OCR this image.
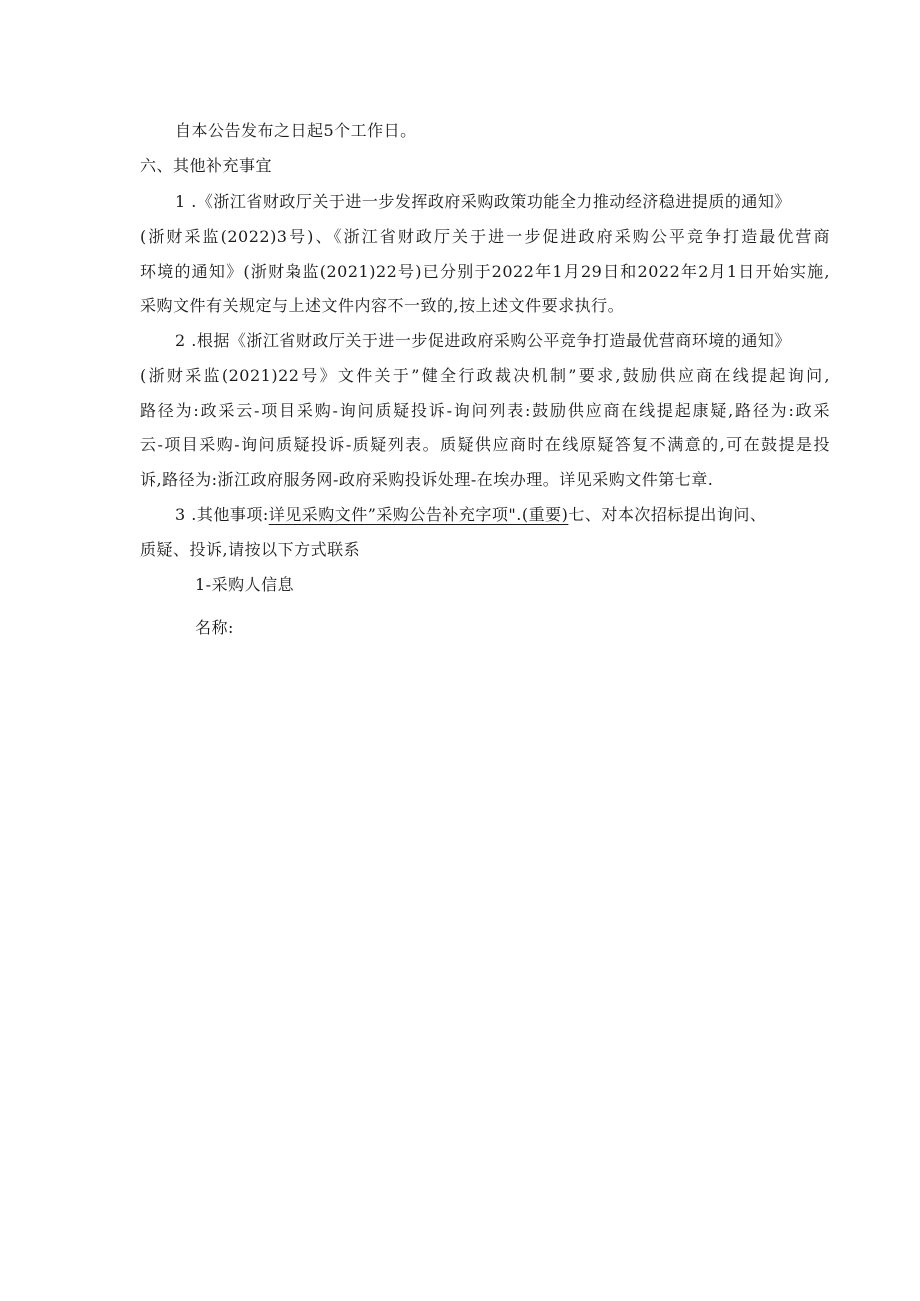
自本公告发布之日起5个工作日。
六、其他补充事宜
1 .《浙江省财政厅关于进一步发挥政府采购政策功能全力推动经济稳进提质的通知》
(浙财采监(2022)3号)、《浙江省财政厅关于进一步促进政府采购公平竞争打造最优营商
环境的通知》(浙财枭监(2021)22号)已分别于2022年1月29日和2022年2月1日开始实施,
采购文件有关规定与上述文件内容不一致的,按上述文件要求执行。
2 .根据《浙江省财政厅关于进一步促进政府采购公平竞争打造最优营商环境的通知》
(浙财采监(2021)22号》文件关于”健全行政裁决机制”要求,鼓励供应商在线提起询问,
路径为:政采云-项目采购-询问质疑投诉-询问列表:鼓励供应商在线提起康疑,路径为:政采
云-项目采购-询问质疑投诉-质疑列表。质疑供应商时在线原疑答复不满意的,可在鼓提是投
诉,路径为:浙江政府服务网-政府采购投诉处理-在埃办理。详见采购文件第七章.
3 .其他事项:详见采购文件”采购公告补充字项".(重要)七、对本次招标提出询问、
质疑、投诉,请按以下方式联系
1-采购人信息
名称:
